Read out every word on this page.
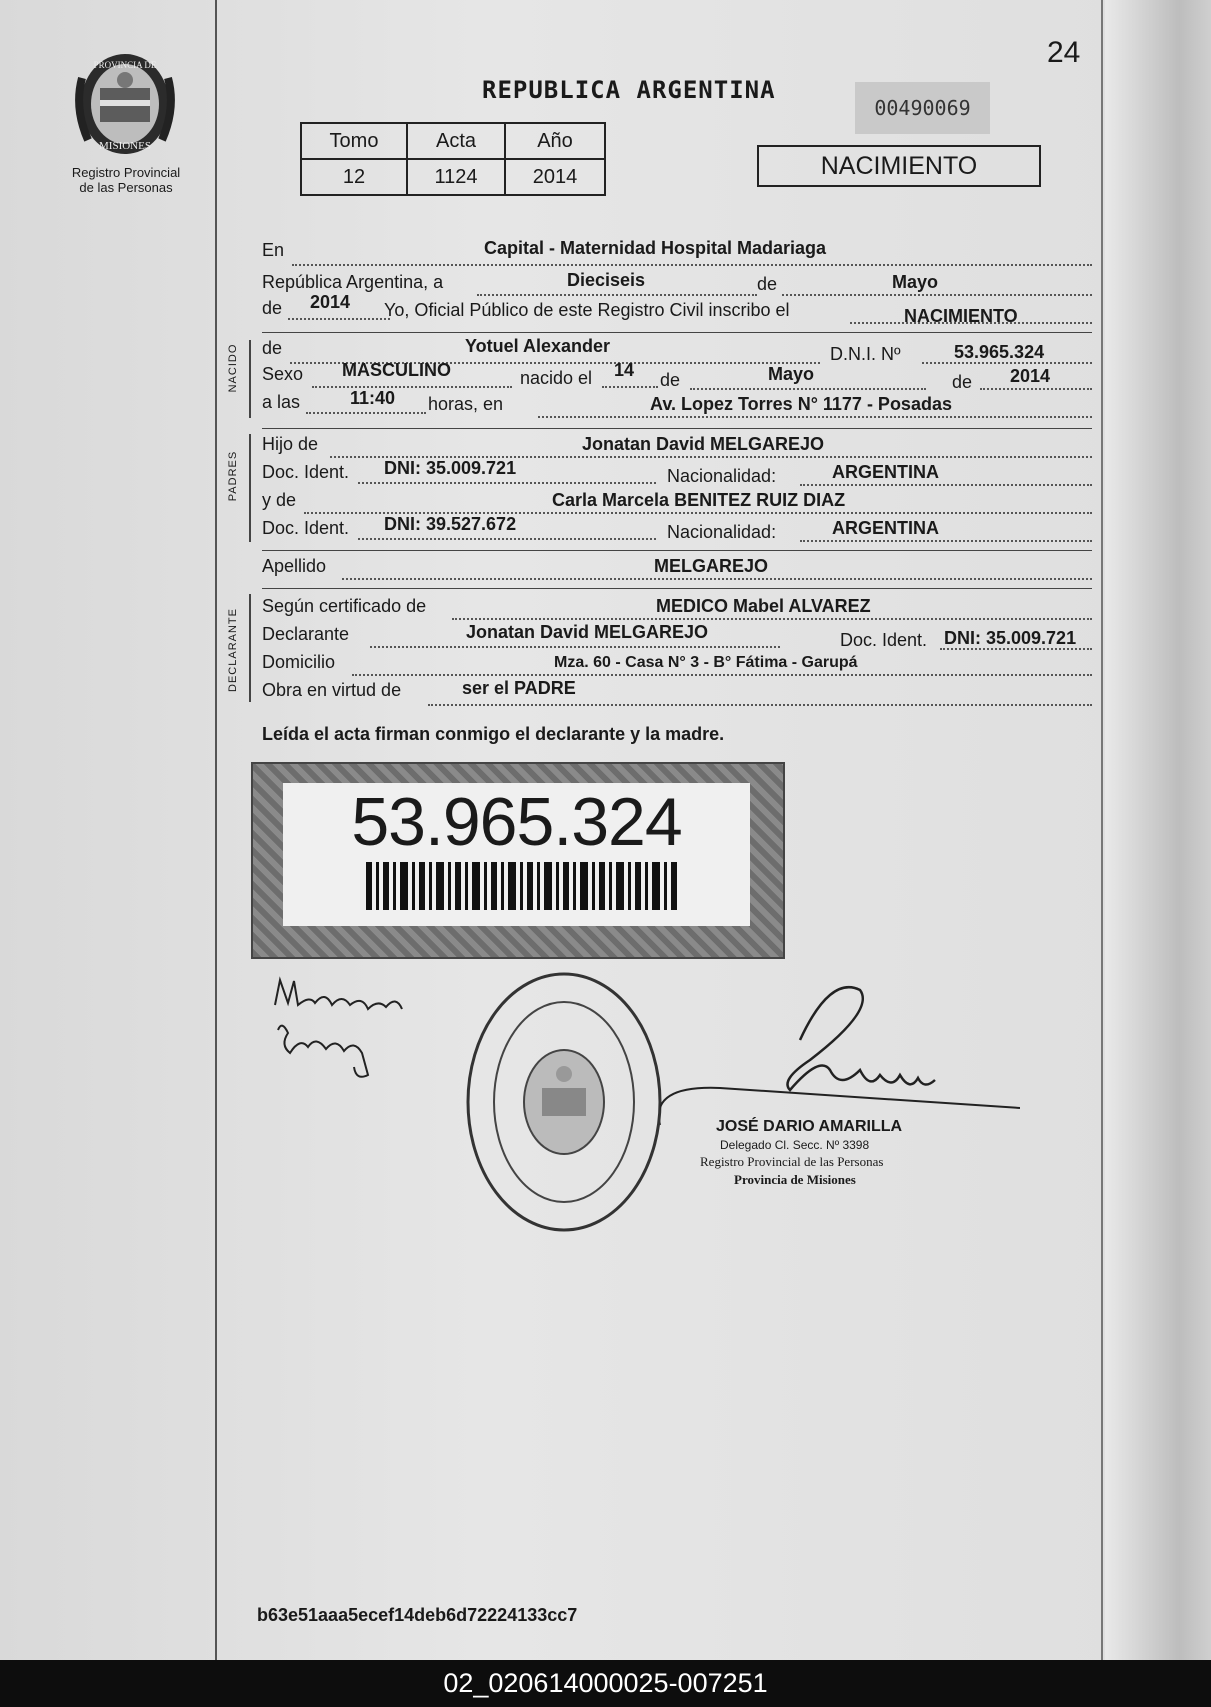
24
PROVINCIA DE
MISIONES
Registro Provincial
de las Personas
REPUBLICA ARGENTINA
00490069
Tomo	Acta	Año
12	1124	2014	NACIMIENTO
En	Capital - Maternidad Hospital Madariaga
República Argentina, a	Dieciseis	de	Mayo
de 2014 Yo, Oficial Público de este Registro Civil inscribo el	NACIMIENTO
NACIDO de	Yotuel Alexander	D.N.I. Nº	53.965.324
Sexo MASCULINO	nacido el 14 de	Mayo	de 2014
a las	11:40 horas, en	Av. Lopez Torres N° 1177 - Posadas
PADRES
Hijo de	Jonatan David MELGAREJO
Doc. Ident. DNI: 35.009.721	Nacionalidad:	ARGENTINA
y de	Carla Marcela BENITEZ RUIZ DIAZ
Doc. Ident. DNI: 39.527.672	Nacionalidad:	ARGENTINA
Apellido	MELGAREJO
DECLARANTE
Según certificado de	MEDICO Mabel ALVAREZ
Declarante	Jonatan David MELGAREJO	Doc. Ident. DNI: 35.009.721
Domicilio	Mza. 60 - Casa N° 3 - B° Fátima - Garupá
Obra en virtud de	ser el PADRE
Leída el acta firman conmigo el declarante y la madre.
53.965.324
JOSÉ DARIO AMARILLA
Delegado Cl. Secc. Nº 3398
Registro Provincial de las Personas
Provincia de Misiones
b63e51aaa5ecef14deb6d72224133cc7
02_020614000025-007251
